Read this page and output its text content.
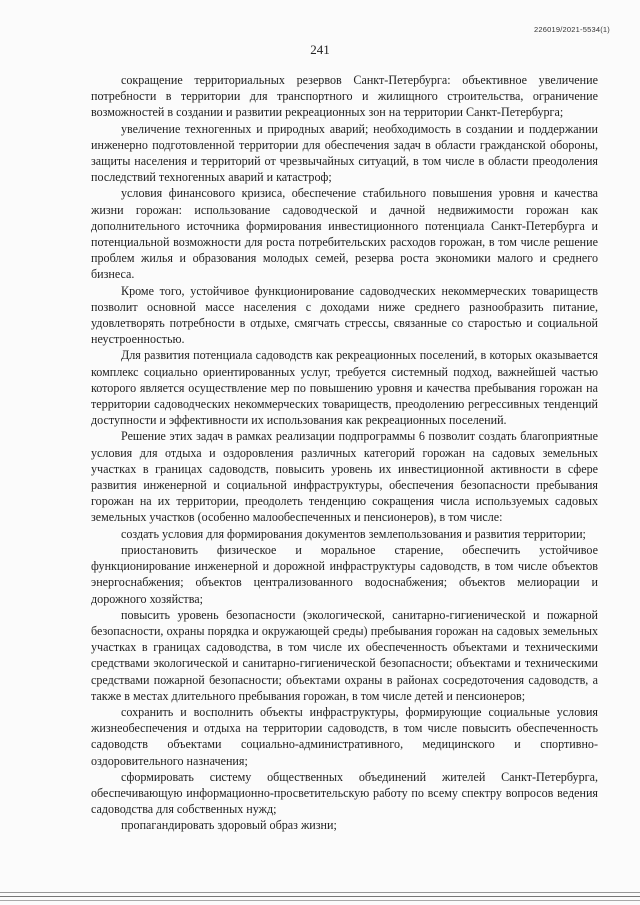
226019/2021-5534(1)
241

сокращение территориальных резервов Санкт-Петербурга: объективное увеличение потребности в территории для транспортного и жилищного строительства, ограничение возможностей в создании и развитии рекреационных зон на территории Санкт-Петербурга;

увеличение техногенных и природных аварий; необходимость в создании и поддержании инженерно подготовленной территории для обеспечения задач в области гражданской обороны, защиты населения и территорий от чрезвычайных ситуаций, в том числе в области преодоления последствий техногенных аварий и катастроф;

условия финансового кризиса, обеспечение стабильного повышения уровня и качества жизни горожан: использование садоводческой и дачной недвижимости горожан как дополнительного источника формирования инвестиционного потенциала Санкт-Петербурга и потенциальной возможности для роста потребительских расходов горожан, в том числе решение проблем жилья и образования молодых семей, резерва роста экономики малого и среднего бизнеса.

Кроме того, устойчивое функционирование садоводческих некоммерческих товариществ позволит основной массе населения с доходами ниже среднего разнообразить питание, удовлетворять потребности в отдыхе, смягчать стрессы, связанные со старостью и социальной неустроенностью.

Для развития потенциала садоводств как рекреационных поселений, в которых оказывается комплекс социально ориентированных услуг, требуется системный подход, важнейшей частью которого является осуществление мер по повышению уровня и качества пребывания горожан на территории садоводческих некоммерческих товариществ, преодолению регрессивных тенденций доступности и эффективности их использования как рекреационных поселений.

Решение этих задач в рамках реализации подпрограммы 6 позволит создать благоприятные условия для отдыха и оздоровления различных категорий горожан на садовых земельных участках в границах садоводств, повысить уровень их инвестиционной активности в сфере развития инженерной и социальной инфраструктуры, обеспечения безопасности пребывания горожан на их территории, преодолеть тенденцию сокращения числа используемых садовых земельных участков (особенно малообеспеченных и пенсионеров), в том числе:

создать условия для формирования документов землепользования и развития территории;

приостановить физическое и моральное старение, обеспечить устойчивое функционирование инженерной и дорожной инфраструктуры садоводств, в том числе объектов энергоснабжения; объектов централизованного водоснабжения; объектов мелиорации и дорожного хозяйства;

повысить уровень безопасности (экологической, санитарно-гигиенической и пожарной безопасности, охраны порядка и окружающей среды) пребывания горожан на садовых земельных участках в границах садоводства, в том числе их обеспеченность объектами и техническими средствами экологической и санитарно-гигиенической безопасности; объектами и техническими средствами пожарной безопасности; объектами охраны в районах сосредоточения садоводств, а также в местах длительного пребывания горожан, в том числе детей и пенсионеров;

сохранить и восполнить объекты инфраструктуры, формирующие социальные условия жизнеобеспечения и отдыха на территории садоводств, в том числе повысить обеспеченность садоводств объектами социально-административного, медицинского и спортивно-оздоровительного назначения;

сформировать систему общественных объединений жителей Санкт-Петербурга, обеспечивающую информационно-просветительскую работу по всему спектру вопросов ведения садоводства для собственных нужд;

пропагандировать здоровый образ жизни;
